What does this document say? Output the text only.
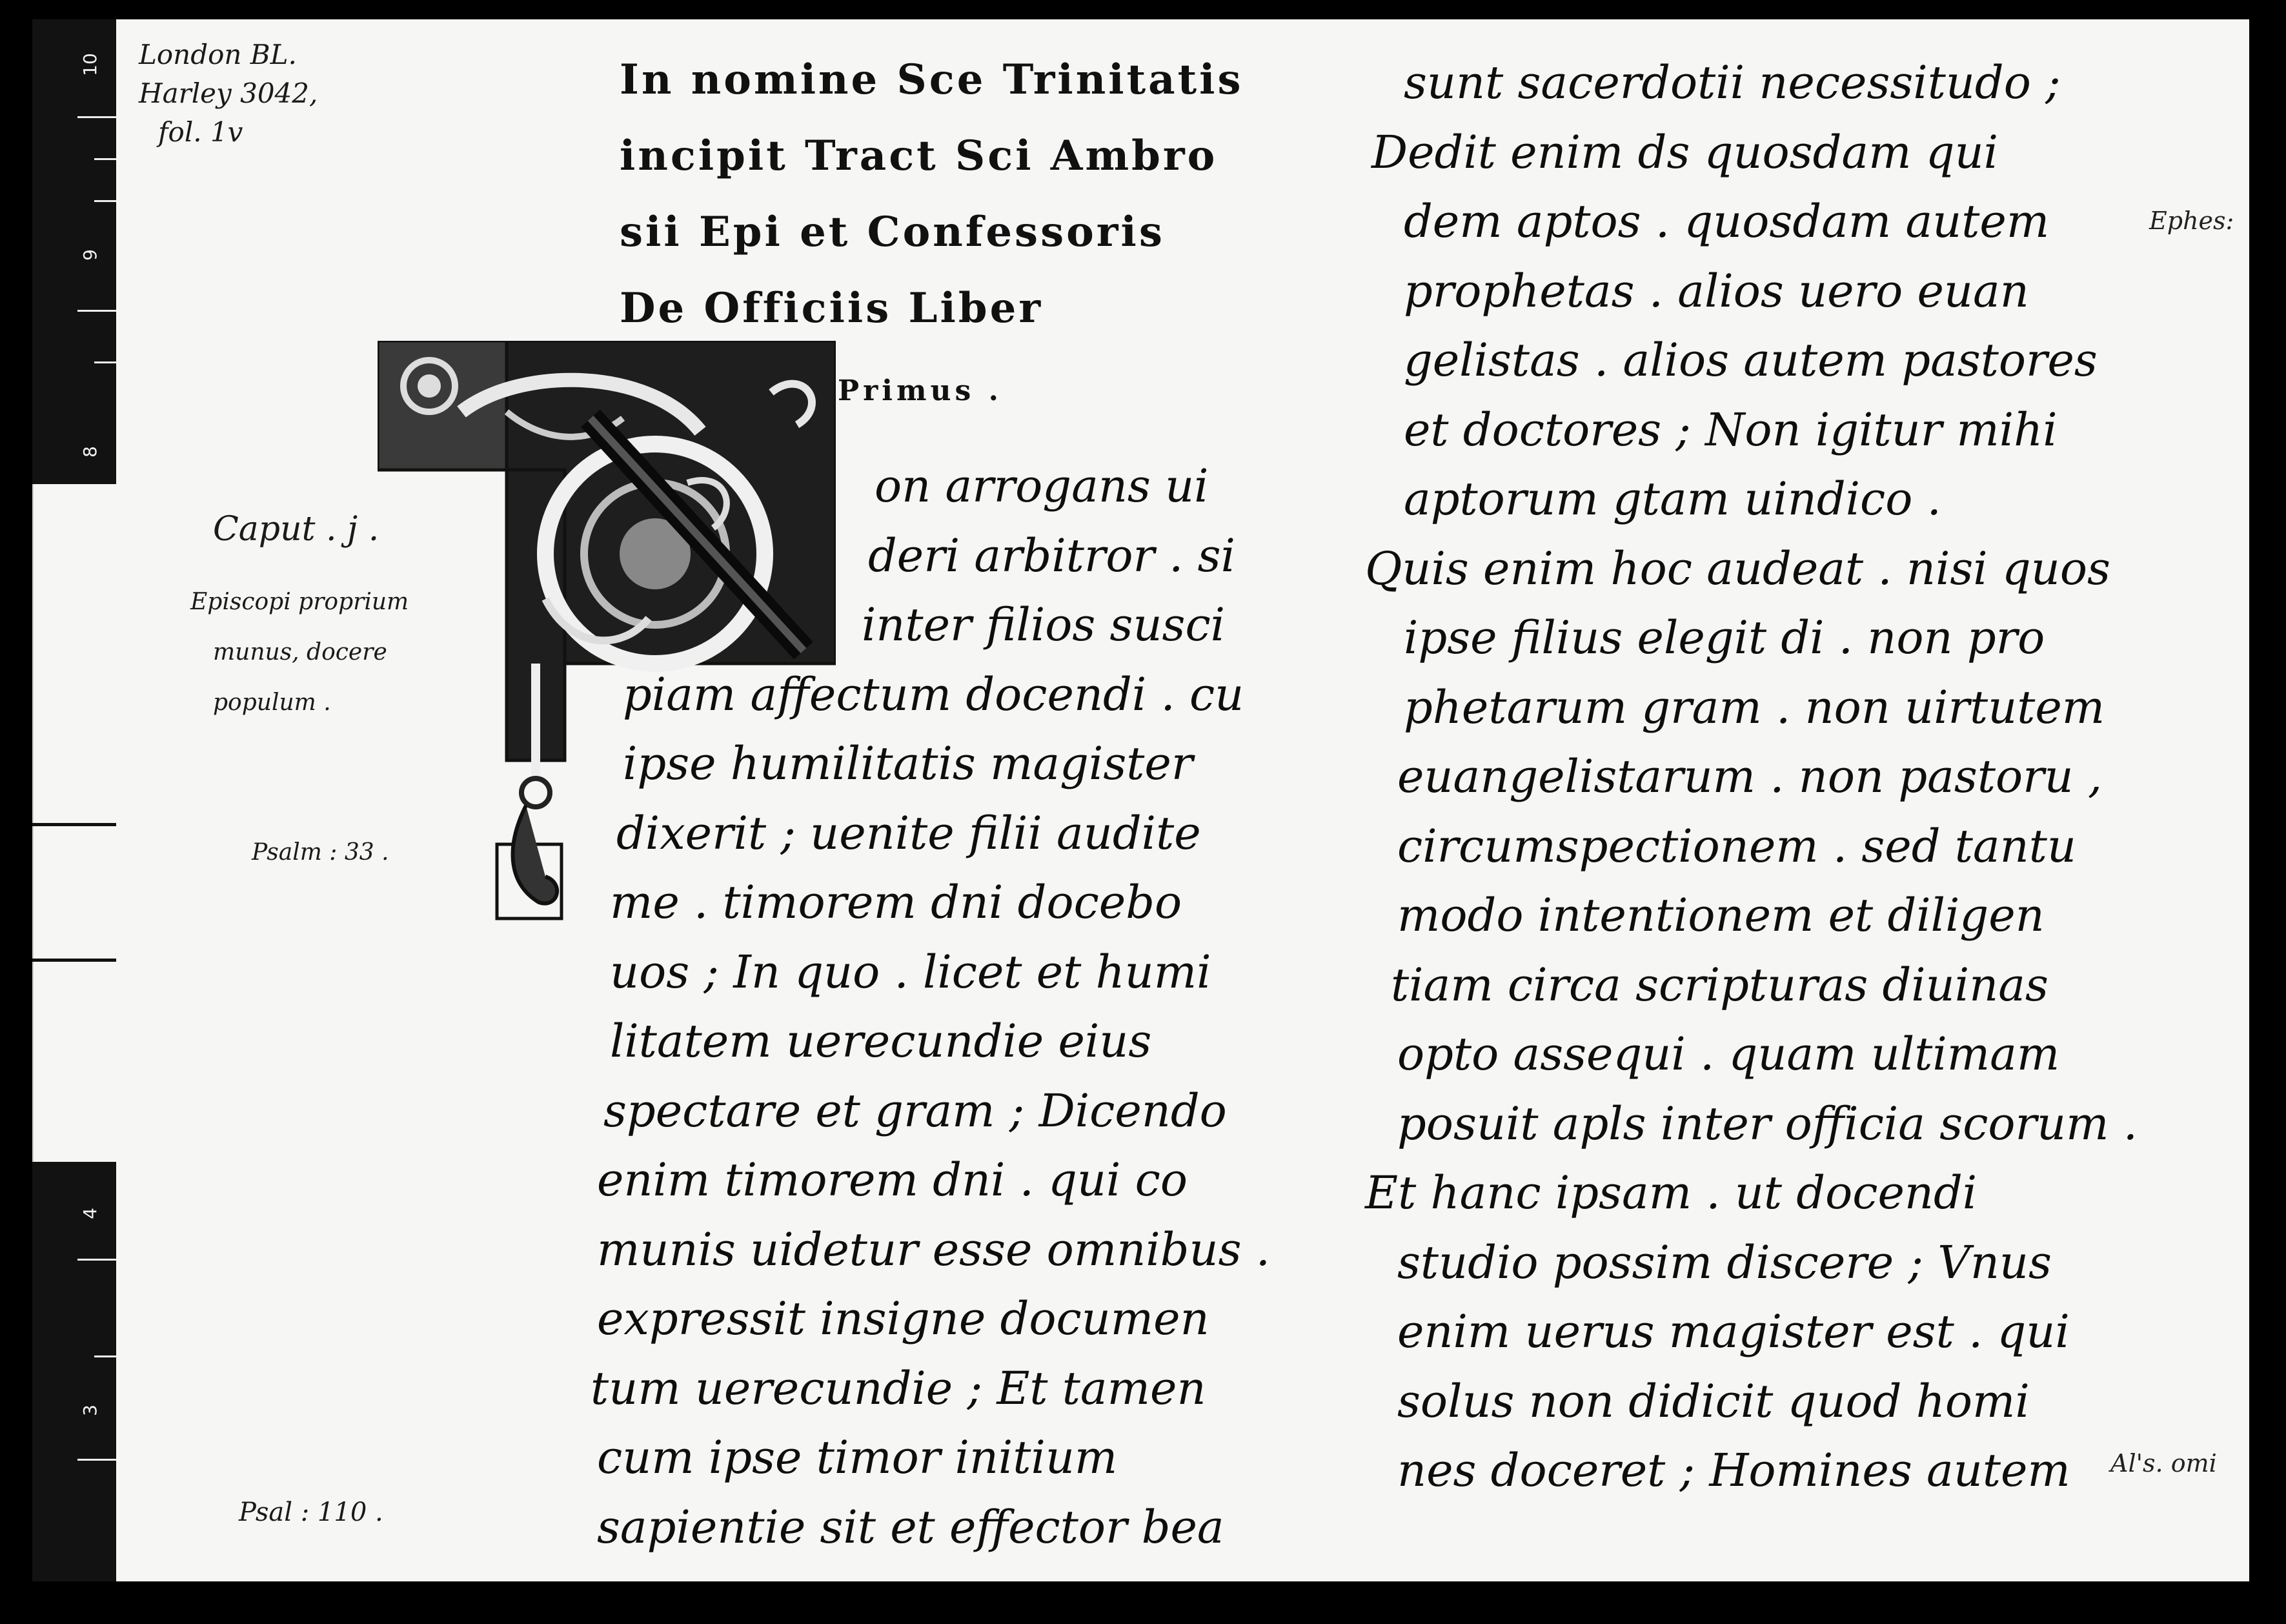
10
9
8
4
3
London BL.
Harley 3042,
fol. 1v
Caput . j .
Episcopi proprium
munus, docere
populum .
Psalm : 33 .
Psal : 110 .
Ephes:
Al's. omi
In nomine Sce Trinitatis
incipit Tract Sci Ambro
sii Epi et Confessoris
De Officiis Liber
Primus .
on arrogans ui
deri arbitror . si
inter filios susci
piam affectum docendi . cu
ipse humilitatis magister
dixerit ; uenite filii audite
me . timorem dni docebo
uos ; In quo . licet et humi
litatem uerecundie eius
spectare et gram ; Dicendo
enim timorem dni . qui co
munis uidetur esse omnibus .
expressit insigne documen
tum uerecundie ; Et tamen
cum ipse timor initium
sapientie sit et effector bea
sunt sacerdotii necessitudo ;
Dedit enim ds quosdam qui
dem aptos . quosdam autem
prophetas . alios uero euan
gelistas . alios autem pastores
et doctores ; Non igitur mihi
aptorum gtam uindico .
Quis enim hoc audeat . nisi quos
ipse filius elegit di . non pro
phetarum gram . non uirtutem
euangelistarum . non pastoru ,
circumspectionem . sed tantu
modo intentionem et diligen
tiam circa scripturas diuinas
opto assequi . quam ultimam
posuit apls inter officia scorum .
Et hanc ipsam . ut docendi
studio possim discere ; Vnus
enim uerus magister est . qui
solus non didicit quod homi
nes doceret ; Homines autem
